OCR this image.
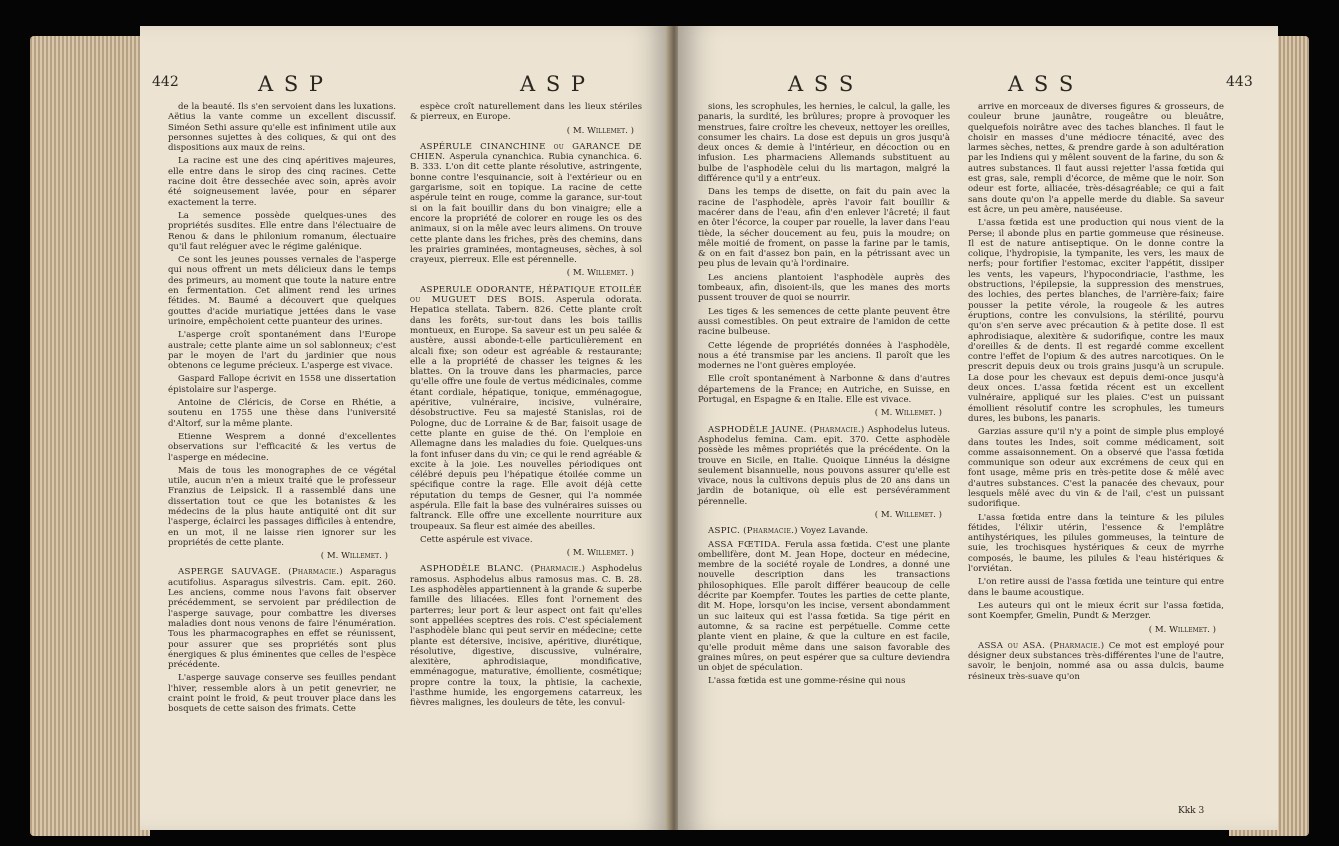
442	A S P	A S P

de la beauté. Ils s'en servoient dans les luxations. Aëtius la vante comme un excellent discussif. Siméon Sethi assure qu'elle est infiniment utile aux personnes sujettes à des coliques, & qui ont des dispositions aux maux de reins.

La racine est une des cinq apéritives majeures, elle entre dans le sirop des cinq racines. Cette racine doit être dessechée avec soin, après avoir été soigneusement lavée, pour en séparer exactement la terre.

La semence possède quelques-unes des propriétés susdites. Elle entre dans l'électuaire de Renou & dans le philonium romanum, électuaire qu'il faut reléguer avec le régime galénique.

Ce sont les jeunes pousses vernales de l'asperge qui nous offrent un mets délicieux dans le temps des primeurs, au moment que toute la nature entre en fermentation. Cet aliment rend les urines fétides. M. Baumé a découvert que quelques gouttes d'acide muriatique jettées dans le vase urinoire, empêchoient cette puanteur des urines.

L'asperge croît spontanément dans l'Europe australe; cette plante aime un sol sablonneux; c'est par le moyen de l'art du jardinier que nous obtenons ce legume précieux. L'asperge est vivace.

Gaspard Fallope écrivit en 1558 une dissertation épistolaire sur l'asperge.

Antoine de Cléricis, de Corse en Rhétie, a soutenu en 1755 une thèse dans l'université d'Altorf, sur la même plante.

Etienne Wesprem a donné d'excellentes observations sur l'efficacité & les vertus de l'asperge en médecine.

Mais de tous les monographes de ce végétal utile, aucun n'en a mieux traité que le professeur Franzius de Leipsick. Il a rassemblé dans une dissertation tout ce que les botanistes & les médecins de la plus haute antiquité ont dit sur l'asperge, éclairci les passages difficiles à entendre, en un mot, il ne laisse rien ignorer sur les propriétés de cette plante.

( M. Willemet. )

ASPERGE SAUVAGE. (Pharmacie.) Asparagus acutifolius. Asparagus silvestris. Cam. epit. 260. Les anciens, comme nous l'avons fait observer précédemment, se servoient par prédilection de l'asperge sauvage, pour combattre les diverses maladies dont nous venons de faire l'énumération. Tous les pharmacographes en effet se réunissent, pour assurer que ses propriétés sont plus énergiques & plus éminentes que celles de l'espèce précédente.

L'asperge sauvage conserve ses feuilles pendant l'hiver, ressemble alors à un petit genevrier, ne craint point le froid, & peut trouver place dans les bosquets de cette saison des frimats. Cette

espèce croît naturellement dans les lieux stériles & pierreux, en Europe.

( M. Willemet. )

ASPÉRULE CINANCHINE ou GARANCE DE CHIEN. Asperula cynanchica. Rubia cynanchica. 6. B. 333. L'on dit cette plante résolutive, astringente, bonne contre l'esquinancie, soit à l'extérieur ou en gargarisme, soit en topique. La racine de cette aspérule teint en rouge, comme la garance, sur-tout si on la fait bouillir dans du bon vinaigre; elle a encore la propriété de colorer en rouge les os des animaux, si on la mêle avec leurs alimens. On trouve cette plante dans les friches, près des chemins, dans les prairies graminées, montagneuses, sèches, à sol crayeux, pierreux. Elle est pérennelle.

( M. Willemet. )

ASPERULE ODORANTE, HÉPATIQUE ETOILÉE ou MUGUET DES BOIS. Asperula odorata. Hepatica stellata. Tabern. 826. Cette plante croît dans les forêts, sur-tout dans les bois taillis montueux, en Europe. Sa saveur est un peu salée & austère, aussi abonde-t-elle particulièrement en alcali fixe; son odeur est agréable & restaurante; elle a la propriété de chasser les teignes & les blattes. On la trouve dans les pharmacies, parce qu'elle offre une foule de vertus médicinales, comme étant cordiale, hépatique, tonique, emménagogue, apéritive, vulnéraire, incisive, vulnéraire, désobstructive. Feu sa majesté Stanislas, roi de Pologne, duc de Lorraine & de Bar, faisoit usage de cette plante en guise de thé. On l'emploie en Allemagne dans les maladies du foie. Quelques-uns la font infuser dans du vin; ce qui le rend agréable & excite à la joie. Les nouvelles périodiques ont célébré depuis peu l'hépatique étoilée comme un spécifique contre la rage. Elle avoit déjà cette réputation du temps de Gesner, qui l'a nommée aspérula. Elle fait la base des vulnéraires suisses ou faltranck. Elle offre une excellente nourriture aux troupeaux. Sa fleur est aimée des abeilles.

Cette aspérule est vivace.

( M. Willemet. )

ASPHODÈLE BLANC. (Pharmacie.) Asphodelus ramosus. Asphodelus albus ramosus mas. C. B. 28. Les asphodèles appartiennent à la grande & superbe famille des liliacées. Elles font l'ornement des parterres; leur port & leur aspect ont fait qu'elles sont appellées sceptres des rois. C'est spécialement l'asphodèle blanc qui peut servir en médecine; cette plante est détersive, incisive, apéritive, diurétique, résolutive, digestive, discussive, vulnéraire, alexitère, aphrodisiaque, mondificative, emménagogue, maturative, émolliente, cosmétique; propre contre la toux, la phtisie, la cachexie, l'asthme humide, les engorgemens catarreux, les fièvres malignes, les douleurs de tête, les convul-

A S S	A S S	443

sions, les scrophules, les hernies, le calcul, la galle, les panaris, la surdité, les brûlures; propre à provoquer les menstrues, faire croître les cheveux, nettoyer les oreilles, consumer les chairs. La dose est depuis un gros jusqu'à deux onces & demie à l'intérieur, en décoction ou en infusion. Les pharmaciens Allemands substituent au bulbe de l'asphodèle celui du lis martagon, malgré la différence qu'il y a entr'eux.

Dans les temps de disette, on fait du pain avec la racine de l'asphodèle, après l'avoir fait bouillir & macérer dans de l'eau, afin d'en enlever l'âcreté; il faut en ôter l'écorce, la couper par rouelle, la laver dans l'eau tiède, la sécher doucement au feu, puis la moudre; on mêle moitié de froment, on passe la farine par le tamis, & on en fait d'assez bon pain, en la pétrissant avec un peu plus de levain qu'à l'ordinaire.

Les anciens plantoient l'asphodèle auprès des tombeaux, afin, disoient-ils, que les manes des morts pussent trouver de quoi se nourrir.

Les tiges & les semences de cette plante peuvent être aussi comestibles. On peut extraire de l'amidon de cette racine bulbeuse.

Cette légende de propriétés données à l'asphodèle, nous a été transmise par les anciens. Il paroît que les modernes ne l'ont guères employée.

Elle croît spontanément à Narbonne & dans d'autres départemens de la France; en Autriche, en Suisse, en Portugal, en Espagne & en Italie. Elle est vivace.

( M. Willemet. )

ASPHODÈLE JAUNE. (Pharmacie.) Asphodelus luteus. Asphodelus femina. Cam. epit. 370. Cette asphodèle possède les mêmes propriétés que la précédente. On la trouve en Sicile, en Italie. Quoique Linnéus la désigne seulement bisannuelle, nous pouvons assurer qu'elle est vivace, nous la cultivons depuis plus de 20 ans dans un jardin de botanique, où elle est persévéramment pérennelle.

( M. Willemet. )

ASPIC. (Pharmacie.) Voyez Lavande.

ASSA FŒTIDA. Ferula assa fœtida. C'est une plante ombellifère, dont M. Jean Hope, docteur en médecine, membre de la société royale de Londres, a donné une nouvelle description dans les transactions philosophiques. Elle paroît différer beaucoup de celle décrite par Koempfer. Toutes les parties de cette plante, dit M. Hope, lorsqu'on les incise, versent abondamment un suc laiteux qui est l'assa fœtida. Sa tige périt en automne, & sa racine est perpétuelle. Comme cette plante vient en plaine, & que la culture en est facile, qu'elle produit même dans une saison favorable des graines mûres, on peut espérer que sa culture deviendra un objet de spéculation.

L'assa fœtida est une gomme-résine qui nous

arrive en morceaux de diverses figures & grosseurs, de couleur brune jaunâtre, rougeâtre ou bleuâtre, quelquefois noirâtre avec des taches blanches. Il faut le choisir en masses d'une médiocre ténacité, avec des larmes sèches, nettes, & prendre garde à son adultération par les Indiens qui y mêlent souvent de la farine, du son & autres substances. Il faut aussi rejetter l'assa fœtida qui est gras, sale, rempli d'écorce, de même que le noir. Son odeur est forte, alliacée, très-désagréable; ce qui a fait sans doute qu'on l'a appelle merde du diable. Sa saveur est âcre, un peu amère, nauséeuse.

L'assa fœtida est une production qui nous vient de la Perse; il abonde plus en partie gommeuse que résineuse. Il est de nature antiseptique. On le donne contre la colique, l'hydropisie, la tympanite, les vers, les maux de nerfs; pour fortifier l'estomac, exciter l'appétit, dissiper les vents, les vapeurs, l'hypocondriacie, l'asthme, les obstructions, l'épilepsie, la suppression des menstrues, des lochies, des pertes blanches, de l'arrière-faix; faire pousser la petite vérole, la rougeole & les autres éruptions, contre les convulsions, la stérilité, pourvu qu'on s'en serve avec précaution & à petite dose. Il est aphrodisiaque, alexitère & sudorifique, contre les maux d'oreilles & de dents. Il est regardé comme excellent contre l'effet de l'opium & des autres narcotiques. On le prescrit depuis deux ou trois grains jusqu'à un scrupule. La dose pour les chevaux est depuis demi-once jusqu'à deux onces. L'assa fœtida récent est un excellent vulnéraire, appliqué sur les plaies. C'est un puissant émollient résolutif contre les scrophules, les tumeurs dures, les bubons, les panaris.

Garzias assure qu'il n'y a point de simple plus employé dans toutes les Indes, soit comme médicament, soit comme assaisonnement. On a observé que l'assa fœtida communique son odeur aux excrémens de ceux qui en font usage, même pris en très-petite dose & mêlé avec d'autres substances. C'est la panacée des chevaux, pour lesquels mêlé avec du vin & de l'ail, c'est un puissant sudorifique.

L'assa fœtida entre dans la teinture & les pilules fétides, l'élixir utérin, l'essence & l'emplâtre antihystériques, les pilules gommeuses, la teinture de suie, les trochisques hystériques & ceux de myrrhe composés, le baume, les pilules & l'eau histériques & l'orviétan.

L'on retire aussi de l'assa fœtida une teinture qui entre dans le baume acoustique.

Les auteurs qui ont le mieux écrit sur l'assa fœtida, sont Koempfer, Gmelin, Pundt & Merzger.

( M. Willemet. )

ASSA ou ASA. (Pharmacie.) Ce mot est employé pour désigner deux substances très-différentes l'une de l'autre, savoir, le benjoin, nommé asa ou assa dulcis, baume résineux très-suave qu'on

Kkk 3
